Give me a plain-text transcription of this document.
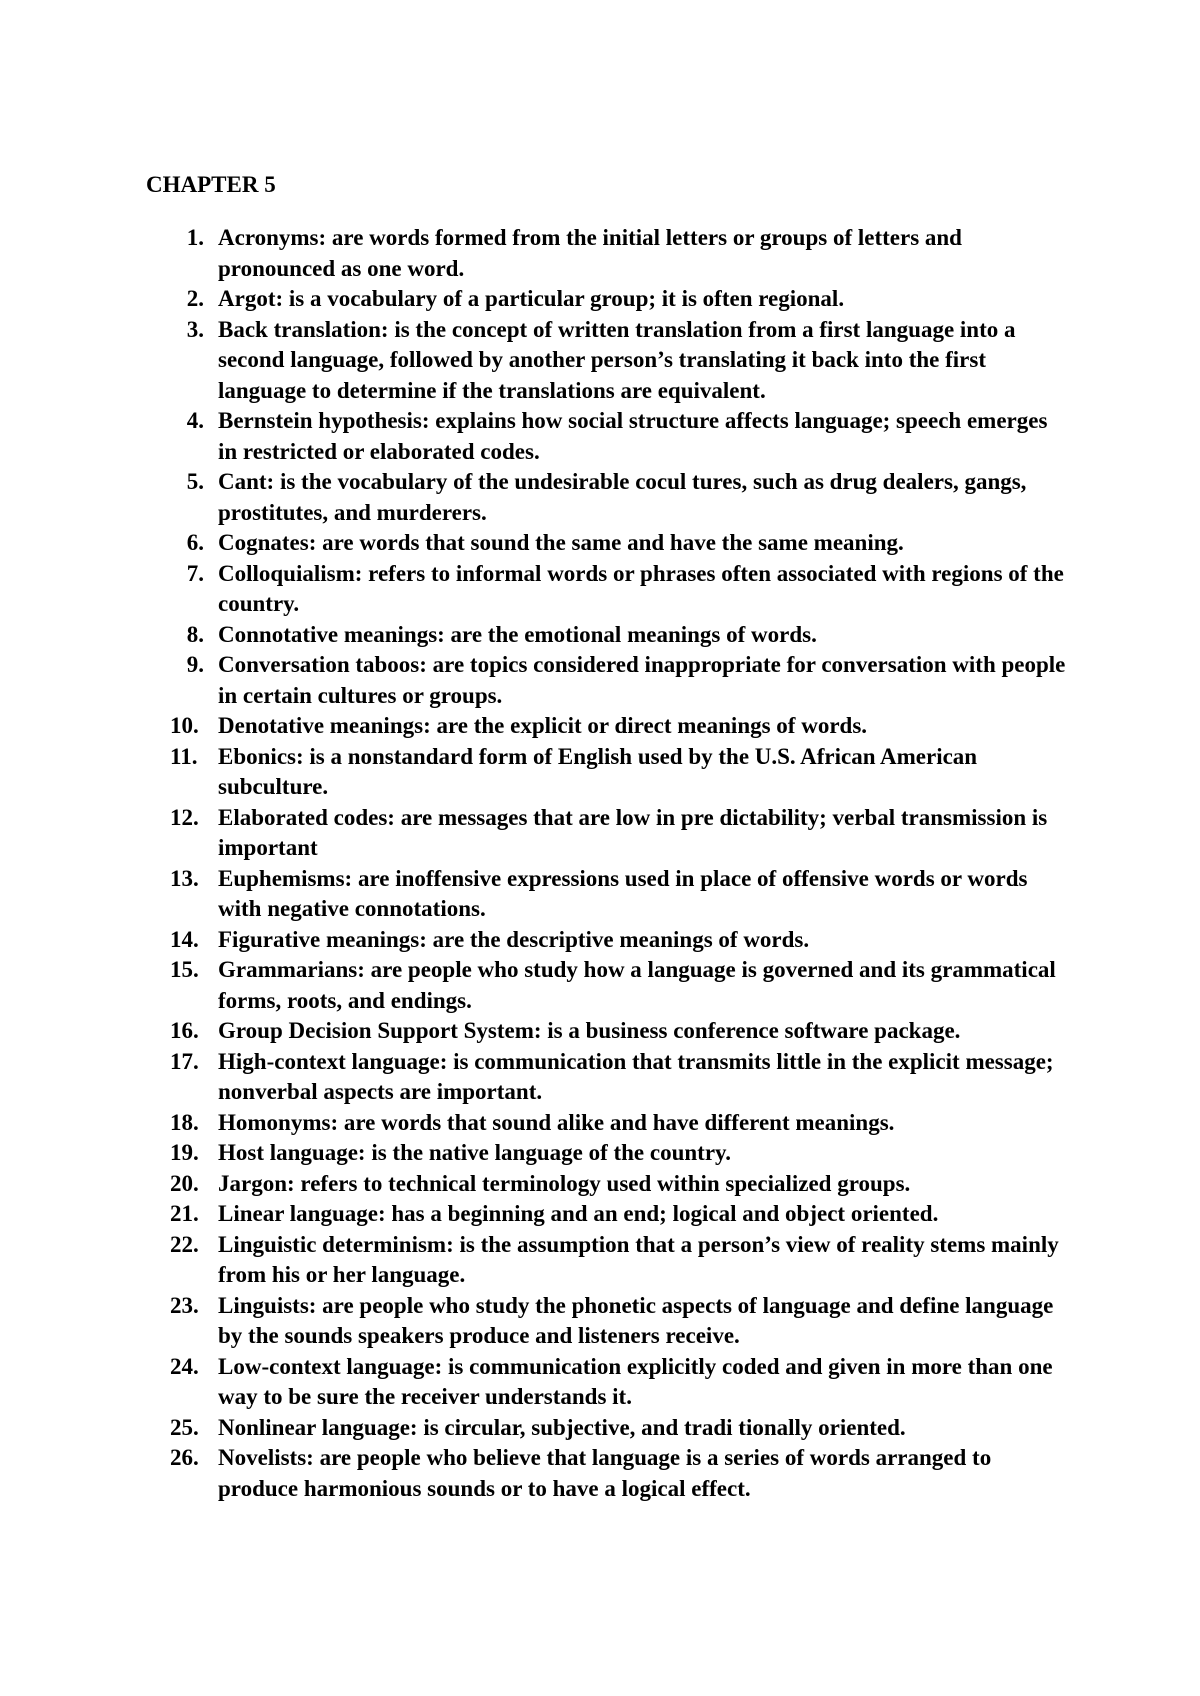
CHAPTER 5
1. Acronyms: are words formed from the initial letters or groups of letters and pronounced as one word.
2. Argot: is a vocabulary of a particular group; it is often regional.
3. Back translation: is the concept of written translation from a first language into a second language, followed by another person’s translating it back into the first language to determine if the translations are equivalent.
4. Bernstein hypothesis: explains how social structure affects language; speech emerges in restricted or elaborated codes.
5. Cant: is the vocabulary of the undesirable cocul tures, such as drug dealers, gangs, prostitutes, and murderers.
6. Cognates: are words that sound the same and have the same meaning.
7. Colloquialism: refers to informal words or phrases often associated with regions of the country.
8. Connotative meanings: are the emotional meanings of words.
9. Conversation taboos: are topics considered inappropriate for conversation with people in certain cultures or groups.
10. Denotative meanings: are the explicit or direct meanings of words.
11. Ebonics: is a nonstandard form of English used by the U.S. African American subculture.
12. Elaborated codes: are messages that are low in pre dictability; verbal transmission is important
13. Euphemisms: are inoffensive expressions used in place of offensive words or words with negative connotations.
14. Figurative meanings: are the descriptive meanings of words.
15. Grammarians: are people who study how a language is governed and its grammatical forms, roots, and endings.
16. Group Decision Support System: is a business conference software package.
17. High-context language: is communication that transmits little in the explicit message; nonverbal aspects are important.
18. Homonyms: are words that sound alike and have different meanings.
19. Host language: is the native language of the country.
20. Jargon: refers to technical terminology used within specialized groups.
21. Linear language: has a beginning and an end; logical and object oriented.
22. Linguistic determinism: is the assumption that a person’s view of reality stems mainly from his or her language.
23. Linguists: are people who study the phonetic aspects of language and define language by the sounds speakers produce and listeners receive.
24. Low-context language: is communication explicitly coded and given in more than one way to be sure the receiver understands it.
25. Nonlinear language: is circular, subjective, and tradi tionally oriented.
26. Novelists: are people who believe that language is a series of words arranged to produce harmonious sounds or to have a logical effect.
